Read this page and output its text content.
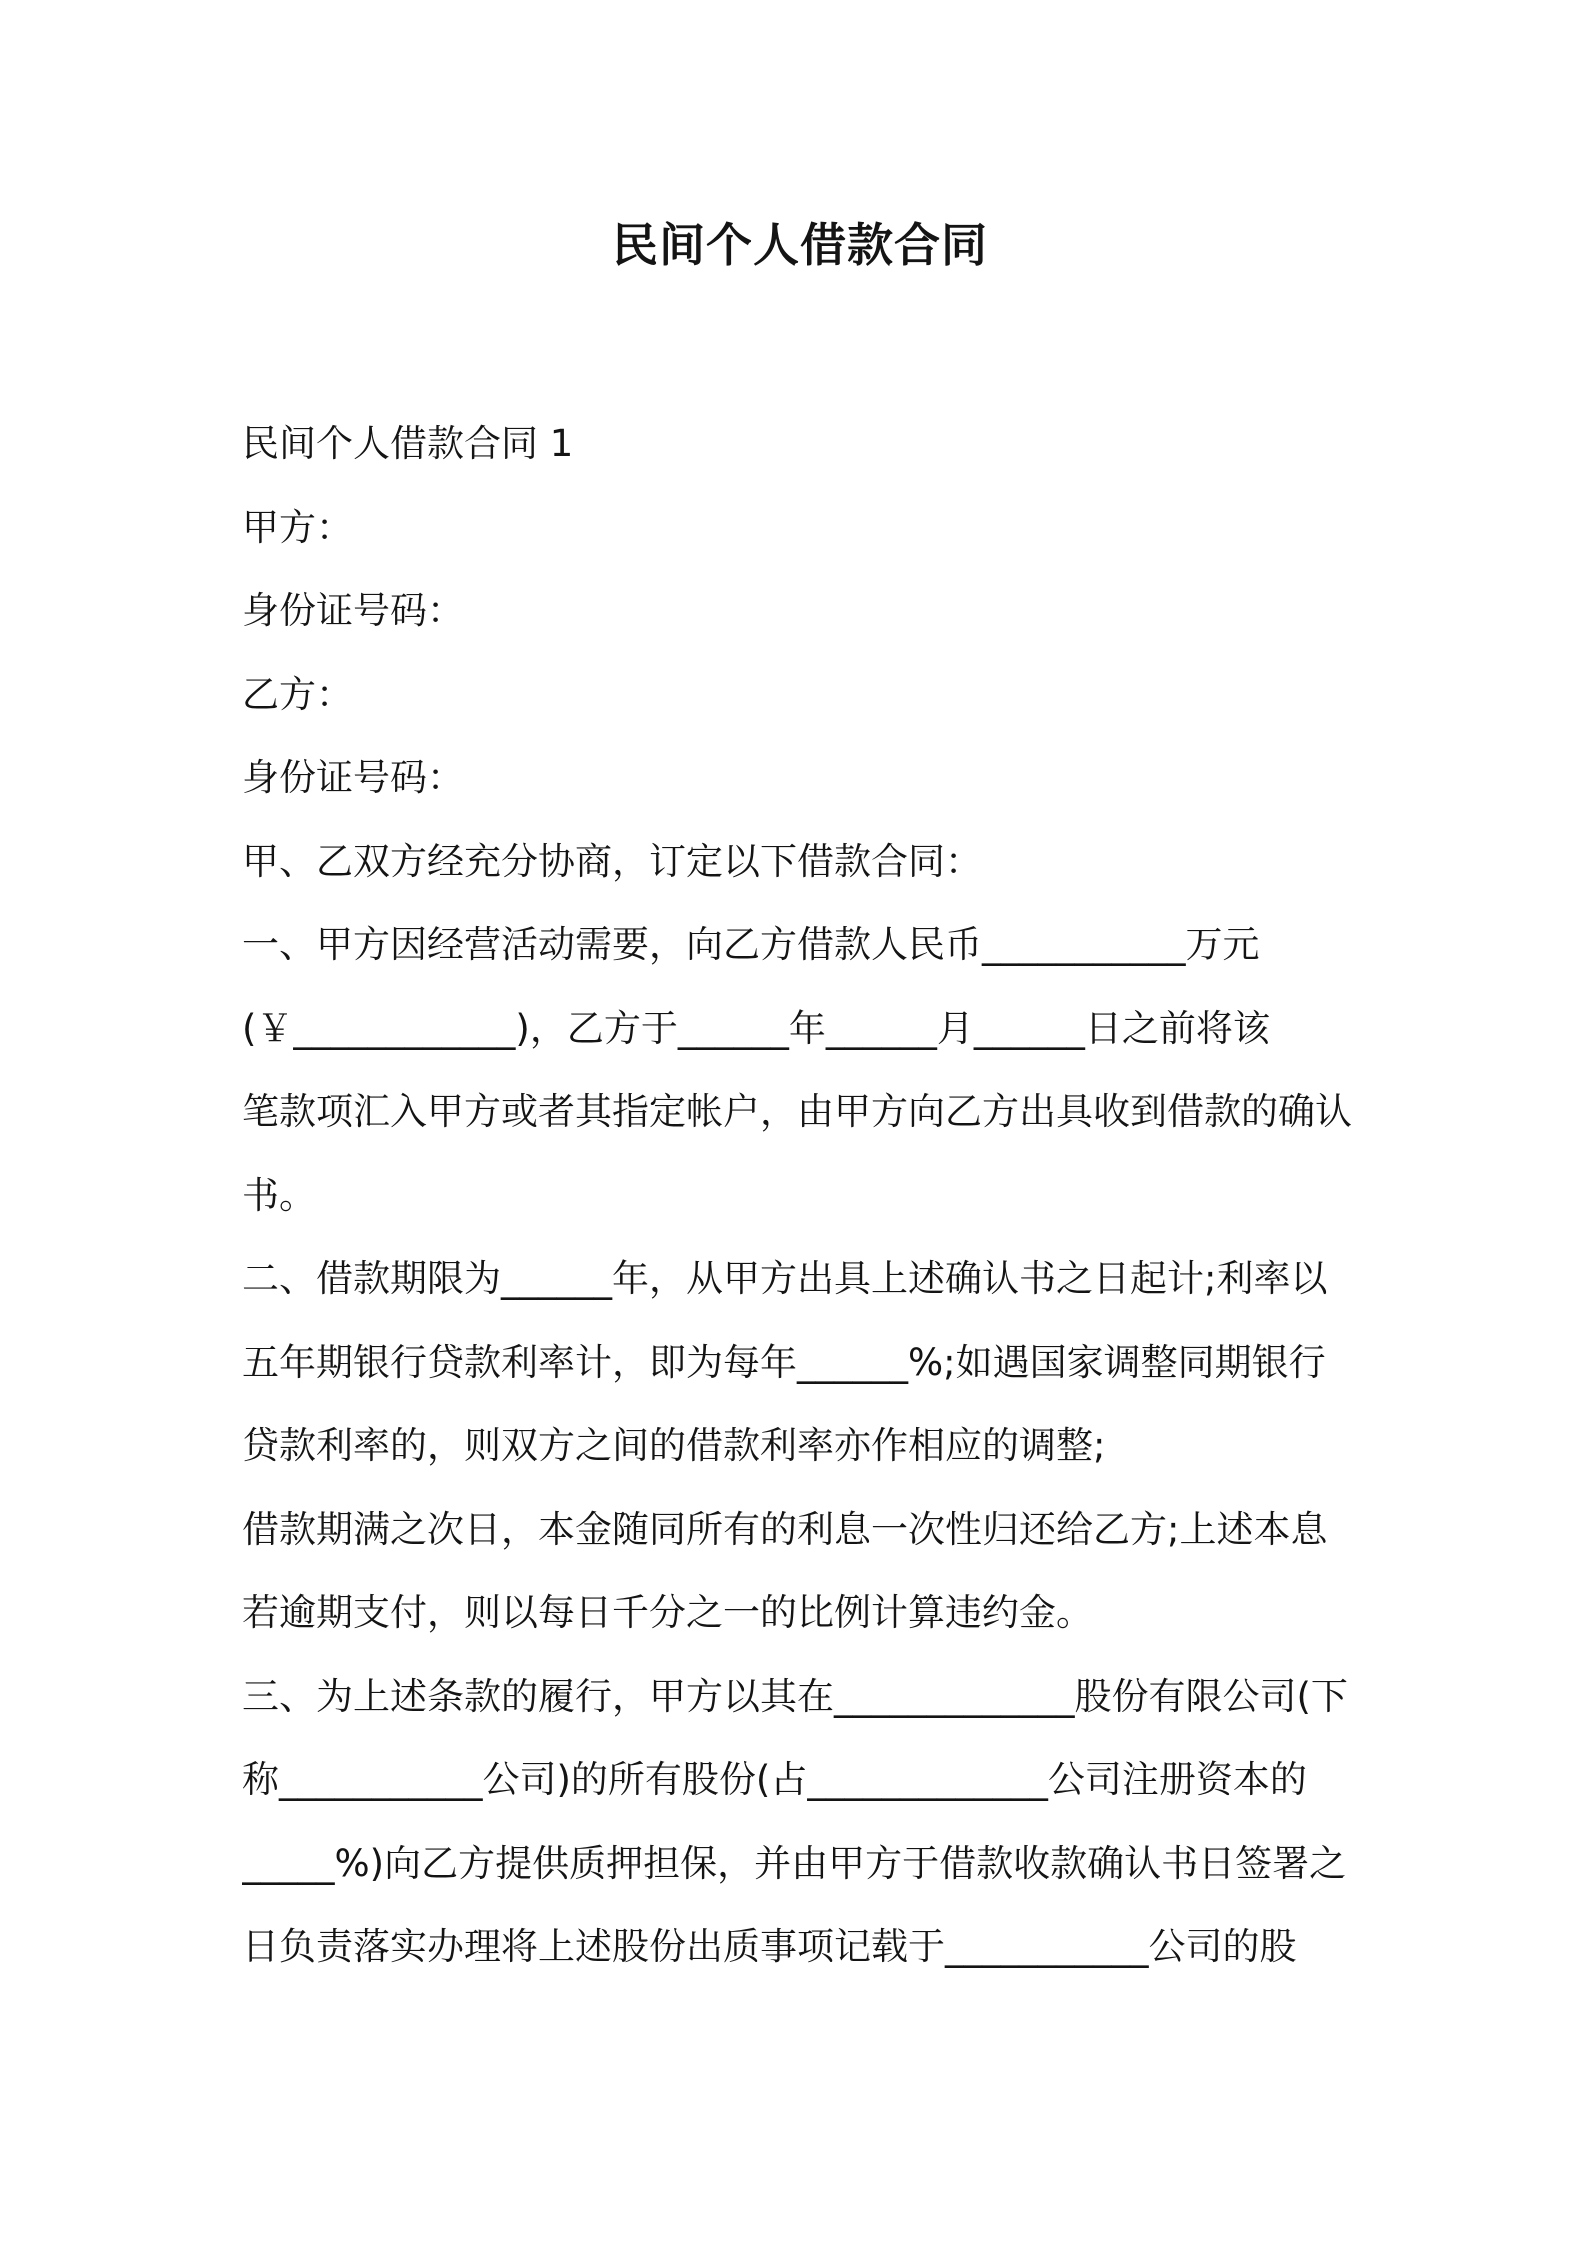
民间个人借款合同
民间个人借款合同 1
甲方：
身份证号码：
乙方：
身份证号码：
甲、乙双方经充分协商，订定以下借款合同：
一、甲方因经营活动需要，向乙方借款人民币___________万元
(￥____________)，乙方于______年______月______日之前将该
笔款项汇入甲方或者其指定帐户，由甲方向乙方出具收到借款的确认
书。
二、借款期限为______年，从甲方出具上述确认书之日起计;利率以
五年期银行贷款利率计，即为每年______%;如遇国家调整同期银行
贷款利率的，则双方之间的借款利率亦作相应的调整;
借款期满之次日，本金随同所有的利息一次性归还给乙方;上述本息
若逾期支付，则以每日千分之一的比例计算违约金。
三、为上述条款的履行，甲方以其在_____________股份有限公司(下
称___________公司)的所有股份(占_____________公司注册资本的
_____%)向乙方提供质押担保，并由甲方于借款收款确认书日签署之
日负责落实办理将上述股份出质事项记载于___________公司的股
